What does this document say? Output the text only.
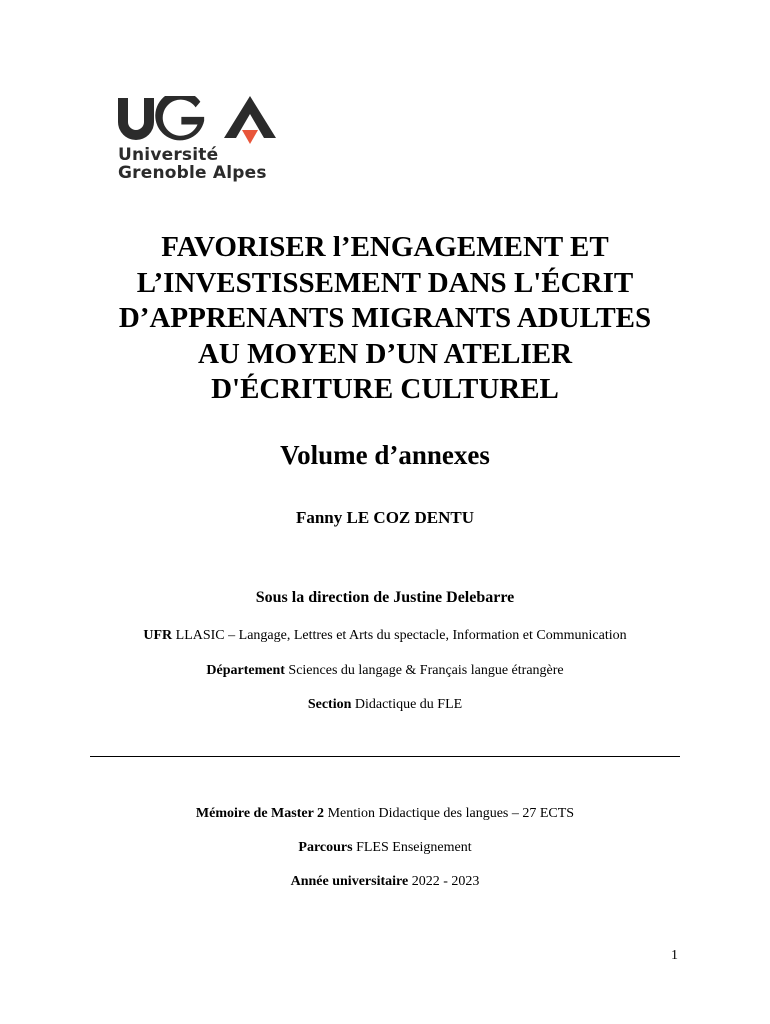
Université
Grenoble Alpes
FAVORISER l’ENGAGEMENT ET
L’INVESTISSEMENT DANS L'ÉCRIT
D’APPRENANTS MIGRANTS ADULTES
AU MOYEN D’UN ATELIER
D'ÉCRITURE CULTUREL
Volume d’annexes
Fanny LE COZ DENTU
Sous la direction de Justine Delebarre
UFR LLASIC – Langage, Lettres et Arts du spectacle, Information et Communication
Département Sciences du langage & Français langue étrangère
Section Didactique du FLE
Mémoire de Master 2 Mention Didactique des langues – 27 ECTS
Parcours FLES Enseignement
Année universitaire 2022 - 2023
1
